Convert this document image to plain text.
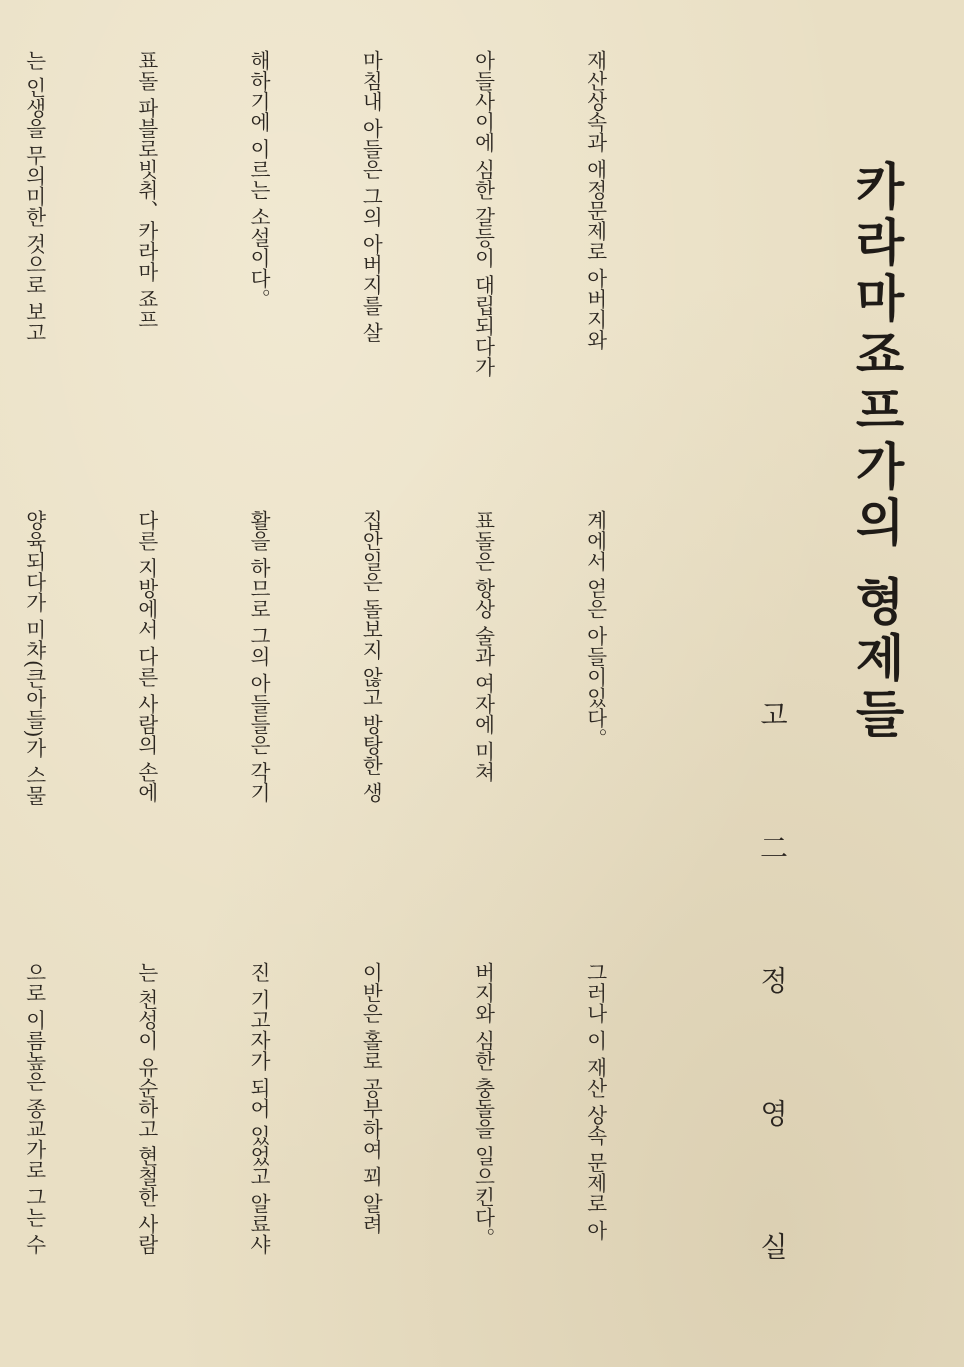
카라마죠프가의 형제들
고
二
정
영
실

재산상속과 애정문제로 아버지와

아들사이에 심한 갈등이 대립되다가

마침내 아들은 그의 아버지를 살

해하기에 이르는 소설이다。

표돌 파블로빗취、카라마 죠프

는 인생을 무의미한 것으로 보고

계에서 얻은 아들이있다。

표돌은 항상 술과 여자에 미쳐

집안일은 돌보지 않고 방탕한 생

활을 하므로 그의 아들들은 각기

다른 지방에서 다른 사람의 손에

양육되다가 미챠(큰아들)가 스물

그러나 이 재산 상속 문제로 아

버지와 심한 충돌을 일으킨다。

이반은 홀로 공부하여 꾀 알려

진 기고자가 되어 있었고 알료샤

는 천성이 유순하고 현철한 사람

으로 이름높은 종교가로 그는 수
